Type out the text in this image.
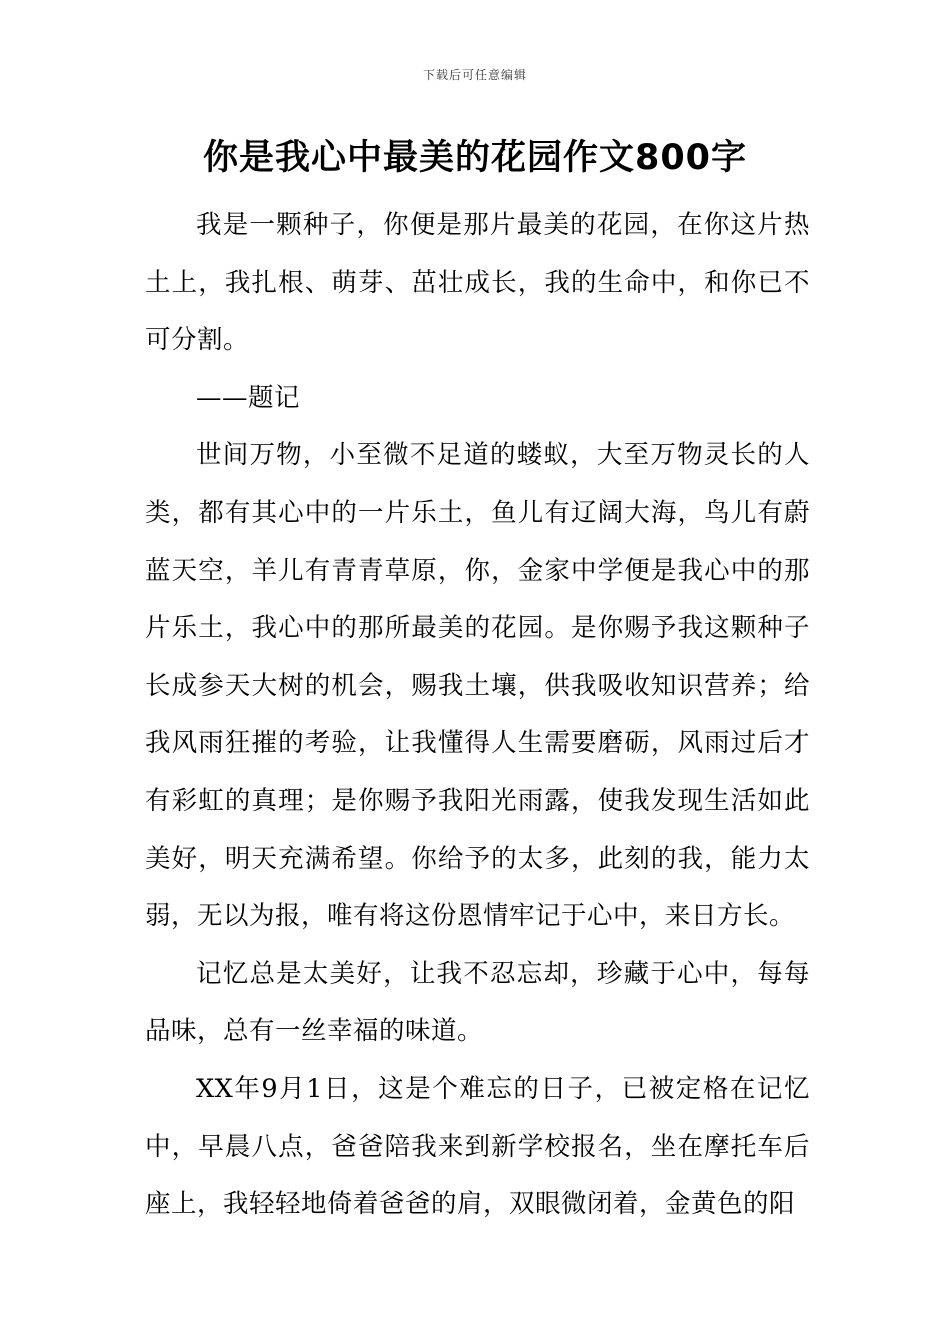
下载后可任意编辑
你是我心中最美的花园作文800字

我是一颗种子，你便是那片最美的花园，在你这片热土上，我扎根、萌芽、茁壮成长，我的生命中，和你已不可分割。

——题记

世间万物，小至微不足道的蝼蚁，大至万物灵长的人类，都有其心中的一片乐土，鱼儿有辽阔大海，鸟儿有蔚蓝天空，羊儿有青青草原，你，金家中学便是我心中的那片乐土，我心中的那所最美的花园。是你赐予我这颗种子长成参天大树的机会，赐我土壤，供我吸收知识营养；给我风雨狂摧的考验，让我懂得人生需要磨砺，风雨过后才有彩虹的真理；是你赐予我阳光雨露，使我发现生活如此美好，明天充满希望。你给予的太多，此刻的我，能力太弱，无以为报，唯有将这份恩情牢记于心中，来日方长。

记忆总是太美好，让我不忍忘却，珍藏于心中，每每品味，总有一丝幸福的味道。

XX年9月1日，这是个难忘的日子，已被定格在记忆中，早晨八点，爸爸陪我来到新学校报名，坐在摩托车后座上，我轻轻地倚着爸爸的肩，双眼微闭着，金黄色的阳
